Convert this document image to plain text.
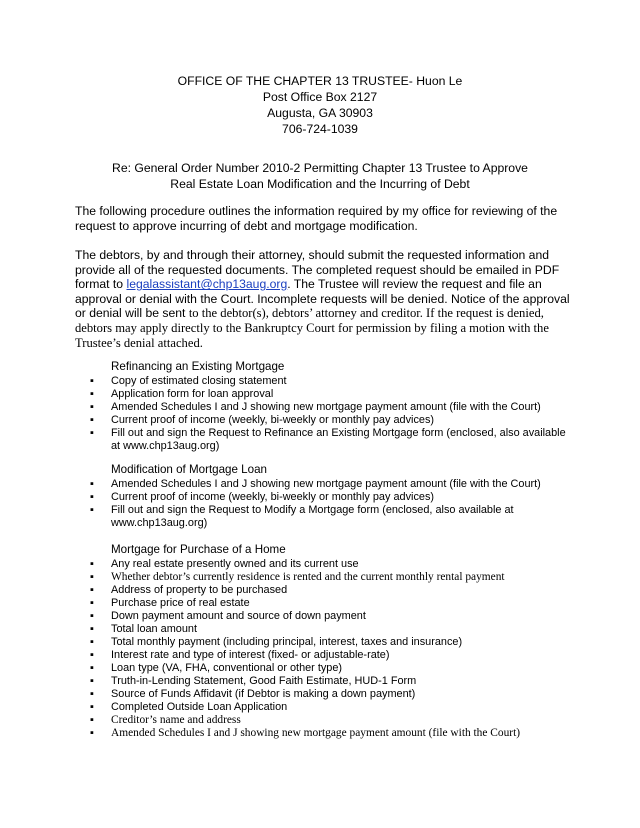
OFFICE OF THE CHAPTER 13 TRUSTEE- Huon Le
Post Office Box 2127
Augusta, GA 30903
706-724-1039
Re: General Order Number 2010-2 Permitting Chapter 13 Trustee to Approve
Real Estate Loan Modification and the Incurring of Debt
The following procedure outlines the information required by my office for reviewing of the request to approve incurring of debt and mortgage modification.
The debtors, by and through their attorney, should submit the requested information and provide all of the requested documents. The completed request should be emailed in PDF format to legalassistant@chp13aug.org. The Trustee will review the request and file an approval or denial with the Court. Incomplete requests will be denied. Notice of the approval or denial will be sent to the debtor(s), debtors’ attorney and creditor. If the request is denied, debtors may apply directly to the Bankruptcy Court for permission by filing a motion with the Trustee’s denial attached.
Refinancing an Existing Mortgage
▪ Copy of estimated closing statement
▪ Application form for loan approval
▪ Amended Schedules I and J showing new mortgage payment amount (file with the Court)
▪ Current proof of income (weekly, bi-weekly or monthly pay advices)
▪ Fill out and sign the Request to Refinance an Existing Mortgage form (enclosed, also available at www.chp13aug.org)
Modification of Mortgage Loan
▪ Amended Schedules I and J showing new mortgage payment amount (file with the Court)
▪ Current proof of income (weekly, bi-weekly or monthly pay advices)
▪ Fill out and sign the Request to Modify a Mortgage form (enclosed, also available at www.chp13aug.org)
Mortgage for Purchase of a Home
▪ Any real estate presently owned and its current use
▪ Whether debtor’s currently residence is rented and the current monthly rental payment
▪ Address of property to be purchased
▪ Purchase price of real estate
▪ Down payment amount and source of down payment
▪ Total loan amount
▪ Total monthly payment (including principal, interest, taxes and insurance)
▪ Interest rate and type of interest (fixed- or adjustable-rate)
▪ Loan type (VA, FHA, conventional or other type)
▪ Truth-in-Lending Statement, Good Faith Estimate, HUD-1 Form
▪ Source of Funds Affidavit (if Debtor is making a down payment)
▪ Completed Outside Loan Application
▪ Creditor’s name and address
▪ Amended Schedules I and J showing new mortgage payment amount (file with the Court)
